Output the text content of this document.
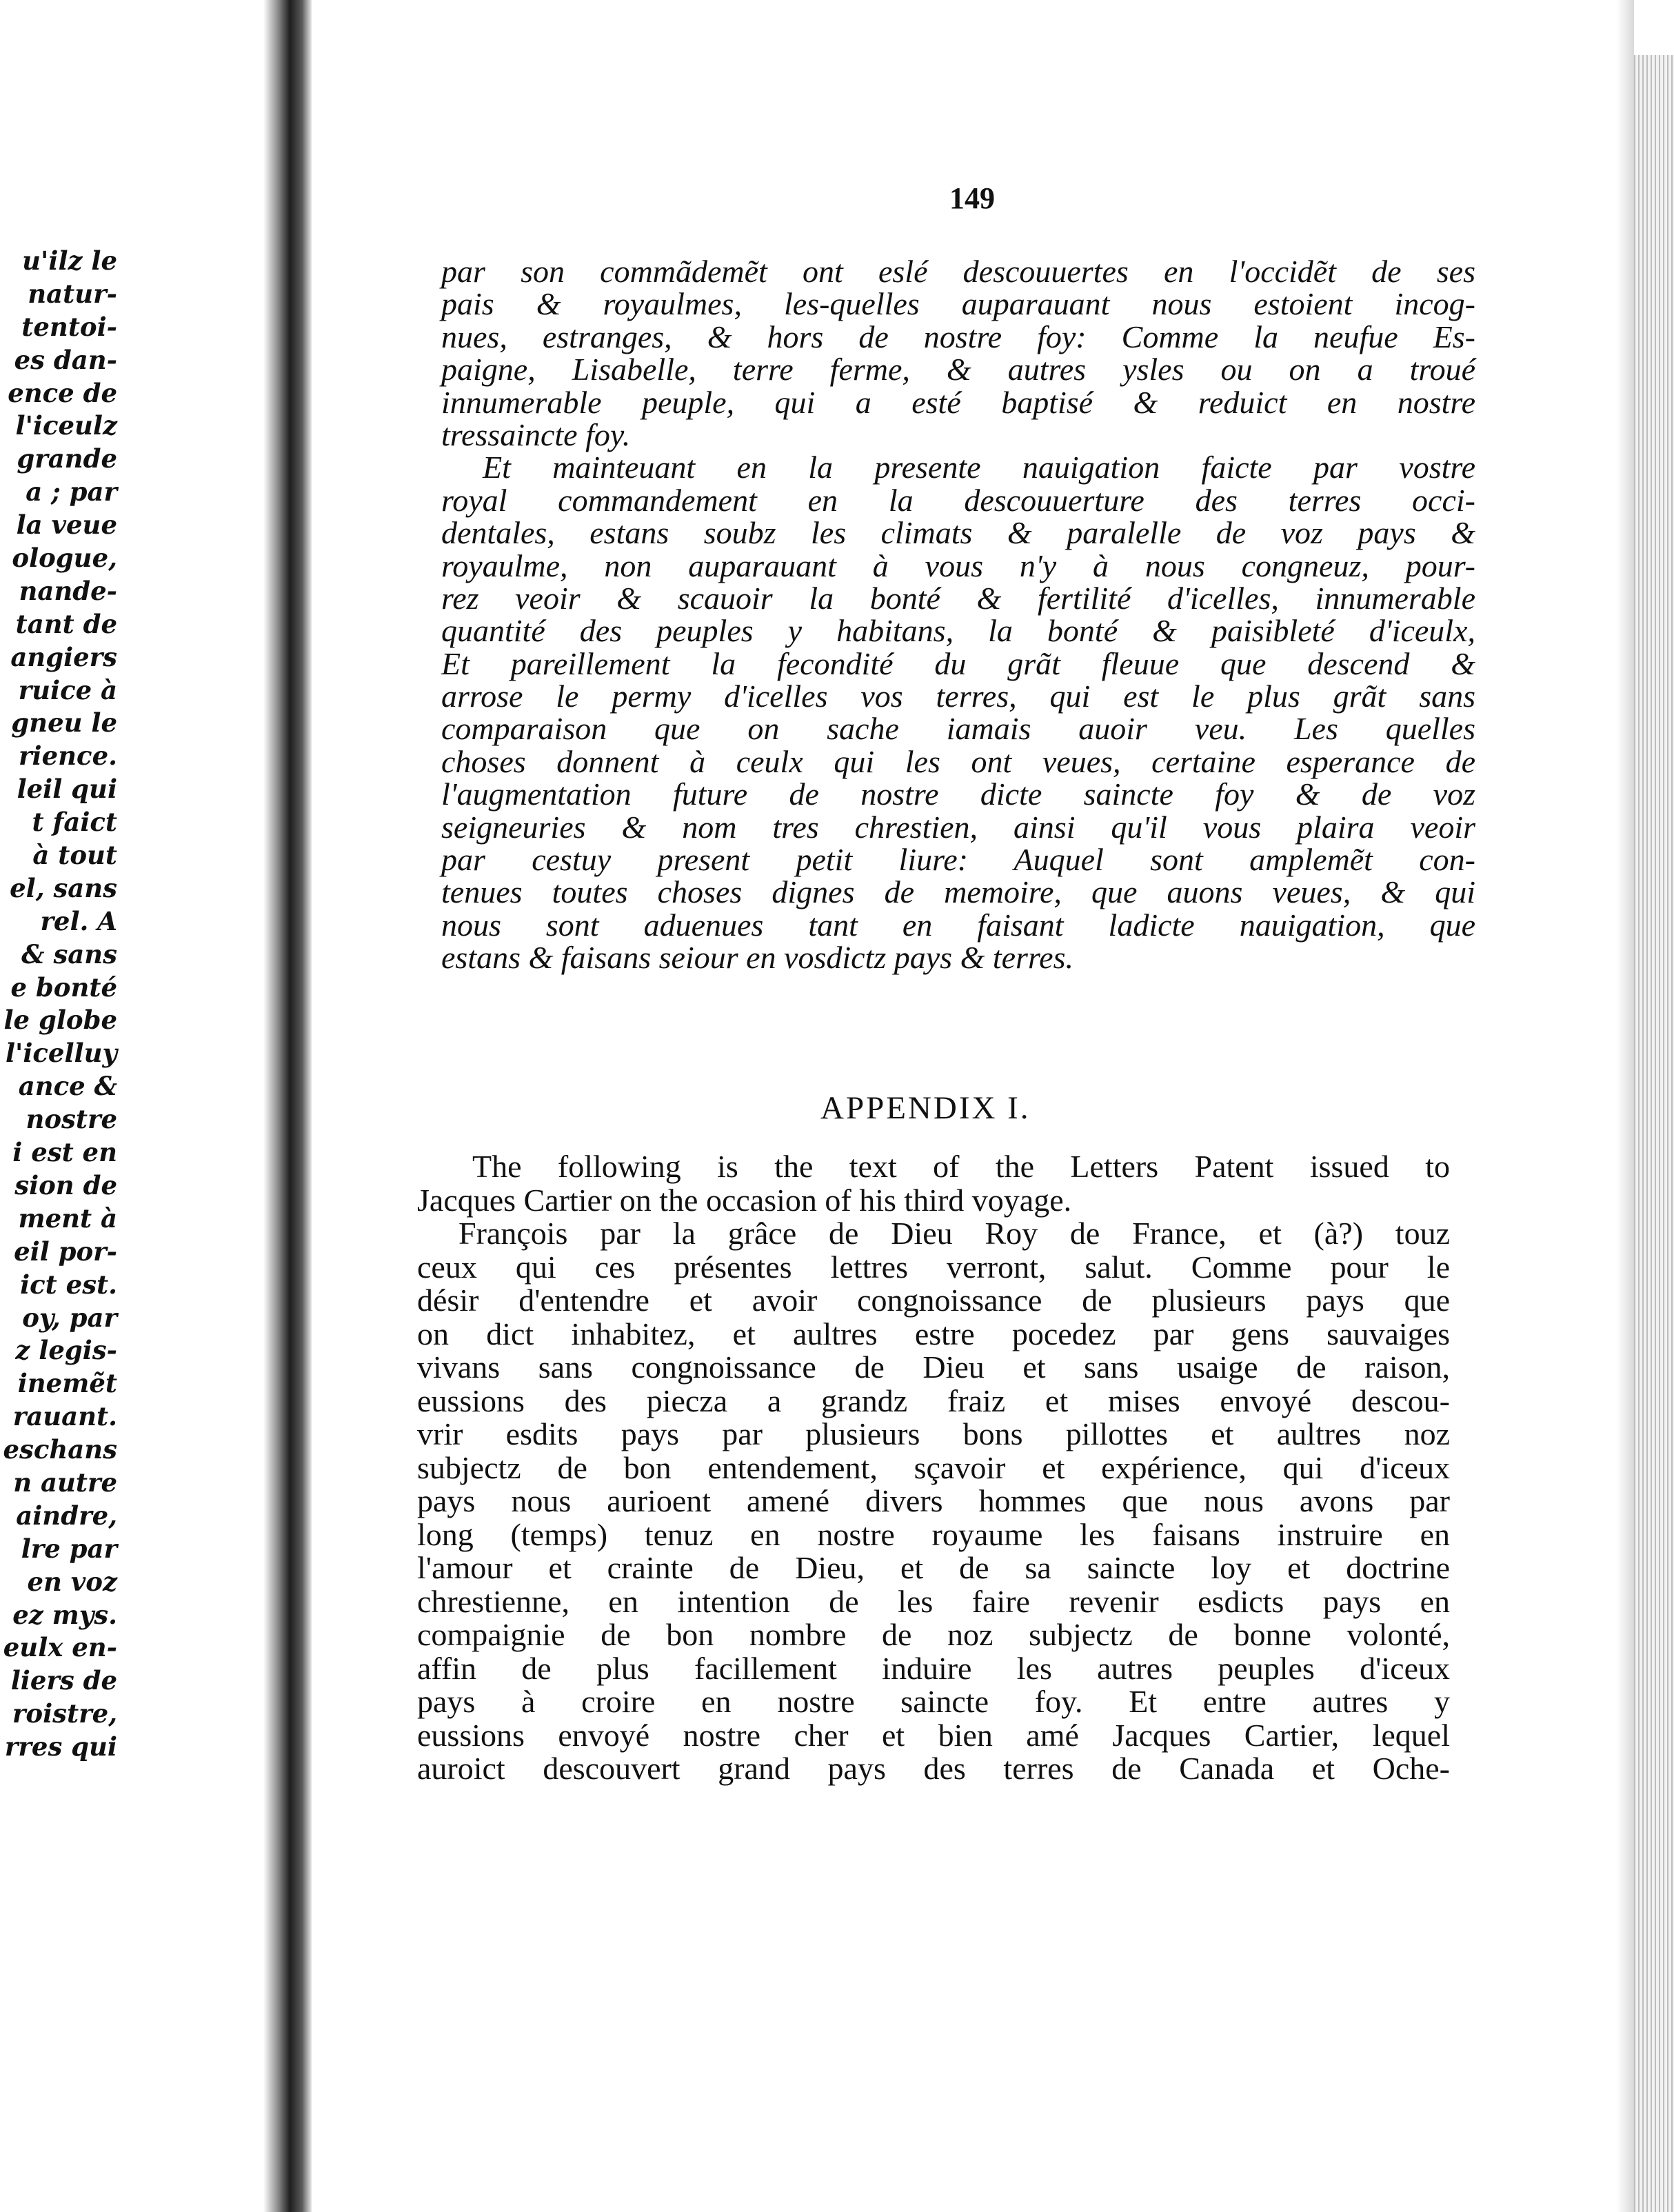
u'ilz le
natur-
tentoi-
es dan-
ence de
l'iceulz
grande
a ; par
la veue
ologue,
nande-
tant de
angiers
ruice à
gneu le
rience.
leil qui
t faict
à tout
el, sans
rel. A
& sans
e bonté
le globe
l'icelluy
ance &
nostre
i est en
sion de
ment à
eil por-
ict est.
oy, par
z legis-
inemẽt
rauant.
eschans
n autre
aindre,
lre par
en voz
ez mys.
eulx en-
liers de
roistre,
rres qui
149
par son commãdemẽt ont eslé descouuertes en l'occidẽt de ses
pais & royaulmes, les-quelles auparauant nous estoient incog-
nues, estranges, & hors de nostre foy: Comme la neufue Es-
paigne, Lisabelle, terre ferme, & autres ysles ou on a troué
innumerable peuple, qui a esté baptisé & reduict en nostre
tressaincte foy.
Et mainteuant en la presente nauigation faicte par vostre
royal commandement en la descouuerture des terres occi-
dentales, estans soubz les climats & paralelle de voz pays &
royaulme, non auparauant à vous n'y à nous congneuz, pour-
rez veoir & scauoir la bonté & fertilité d'icelles, innumerable
quantité des peuples y habitans, la bonté & paisibleté d'iceulx,
Et pareillement la fecondité du grãt fleuue que descend &
arrose le permy d'icelles vos terres, qui est le plus grãt sans
comparaison que on sache iamais auoir veu. Les quelles
choses donnent à ceulx qui les ont veues, certaine esperance de
l'augmentation future de nostre dicte saincte foy & de voz
seigneuries & nom tres chrestien, ainsi qu'il vous plaira veoir
par cestuy present petit liure: Auquel sont amplemẽt con-
tenues toutes choses dignes de memoire, que auons veues, & qui
nous sont aduenues tant en faisant ladicte nauigation, que
estans & faisans seiour en vosdictz pays & terres.
APPENDIX I.
The following is the text of the Letters Patent issued to
Jacques Cartier on the occasion of his third voyage.
François par la grâce de Dieu Roy de France, et (à?) touz
ceux qui ces présentes lettres verront, salut. Comme pour le
désir d'entendre et avoir congnoissance de plusieurs pays que
on dict inhabitez, et aultres estre pocedez par gens sauvaiges
vivans sans congnoissance de Dieu et sans usaige de raison,
eussions des piecza a grandz fraiz et mises envoyé descou-
vrir esdits pays par plusieurs bons pillottes et aultres noz
subjectz de bon entendement, sçavoir et expérience, qui d'iceux
pays nous aurioent amené divers hommes que nous avons par
long (temps) tenuz en nostre royaume les faisans instruire en
l'amour et crainte de Dieu, et de sa saincte loy et doctrine
chrestienne, en intention de les faire revenir esdicts pays en
compaignie de bon nombre de noz subjectz de bonne volonté,
affin de plus facillement induire les autres peuples d'iceux
pays à croire en nostre saincte foy. Et entre autres y
eussions envoyé nostre cher et bien amé Jacques Cartier, lequel
auroict descouvert grand pays des terres de Canada et Oche-
